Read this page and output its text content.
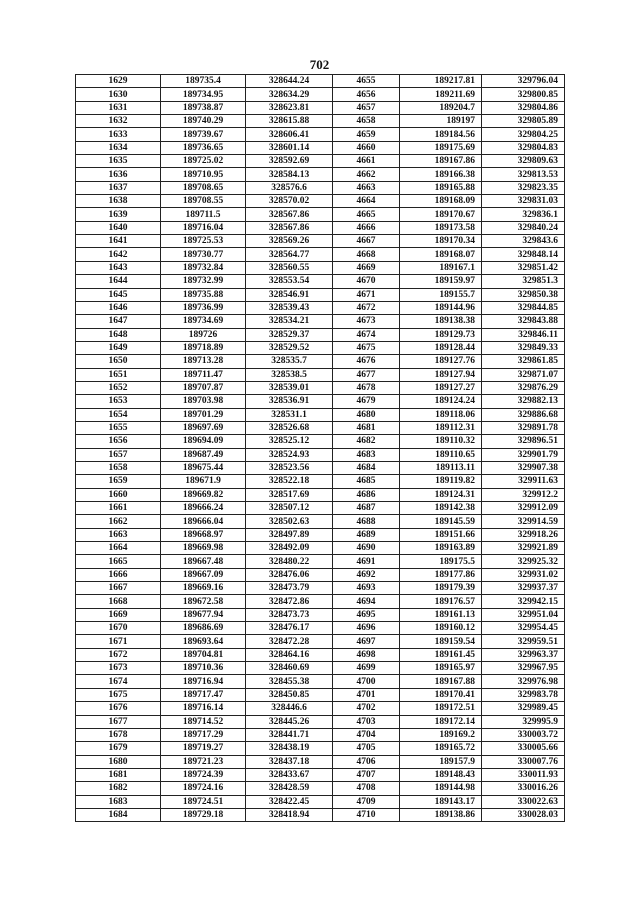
702
1629	189735.4	328644.24	4655	189217.81	329796.04
1630	189734.95	328634.29	4656	189211.69	329800.85
1631	189738.87	328623.81	4657	189204.7	329804.86
1632	189740.29	328615.88	4658	189197	329805.89
1633	189739.67	328606.41	4659	189184.56	329804.25
1634	189736.65	328601.14	4660	189175.69	329804.83
1635	189725.02	328592.69	4661	189167.86	329809.63
1636	189710.95	328584.13	4662	189166.38	329813.53
1637	189708.65	328576.6	4663	189165.88	329823.35
1638	189708.55	328570.02	4664	189168.09	329831.03
1639	189711.5	328567.86	4665	189170.67	329836.1
1640	189716.04	328567.86	4666	189173.58	329840.24
1641	189725.53	328569.26	4667	189170.34	329843.6
1642	189730.77	328564.77	4668	189168.07	329848.14
1643	189732.84	328560.55	4669	189167.1	329851.42
1644	189732.99	328553.54	4670	189159.97	329851.3
1645	189735.88	328546.91	4671	189155.7	329850.38
1646	189736.99	328539.43	4672	189144.96	329844.85
1647	189734.69	328534.21	4673	189138.38	329843.88
1648	189726	328529.37	4674	189129.73	329846.11
1649	189718.89	328529.52	4675	189128.44	329849.33
1650	189713.28	328535.7	4676	189127.76	329861.85
1651	189711.47	328538.5	4677	189127.94	329871.07
1652	189707.87	328539.01	4678	189127.27	329876.29
1653	189703.98	328536.91	4679	189124.24	329882.13
1654	189701.29	328531.1	4680	189118.06	329886.68
1655	189697.69	328526.68	4681	189112.31	329891.78
1656	189694.09	328525.12	4682	189110.32	329896.51
1657	189687.49	328524.93	4683	189110.65	329901.79
1658	189675.44	328523.56	4684	189113.11	329907.38
1659	189671.9	328522.18	4685	189119.82	329911.63
1660	189669.82	328517.69	4686	189124.31	329912.2
1661	189666.24	328507.12	4687	189142.38	329912.09
1662	189666.04	328502.63	4688	189145.59	329914.59
1663	189668.97	328497.89	4689	189151.66	329918.26
1664	189669.98	328492.09	4690	189163.89	329921.89
1665	189667.48	328480.22	4691	189175.5	329925.32
1666	189667.09	328476.06	4692	189177.86	329931.02
1667	189669.16	328473.79	4693	189179.39	329937.37
1668	189672.58	328472.86	4694	189176.57	329942.15
1669	189677.94	328473.73	4695	189161.13	329951.04
1670	189686.69	328476.17	4696	189160.12	329954.45
1671	189693.64	328472.28	4697	189159.54	329959.51
1672	189704.81	328464.16	4698	189161.45	329963.37
1673	189710.36	328460.69	4699	189165.97	329967.95
1674	189716.94	328455.38	4700	189167.88	329976.98
1675	189717.47	328450.85	4701	189170.41	329983.78
1676	189716.14	328446.6	4702	189172.51	329989.45
1677	189714.52	328445.26	4703	189172.14	329995.9
1678	189717.29	328441.71	4704	189169.2	330003.72
1679	189719.27	328438.19	4705	189165.72	330005.66
1680	189721.23	328437.18	4706	189157.9	330007.76
1681	189724.39	328433.67	4707	189148.43	330011.93
1682	189724.16	328428.59	4708	189144.98	330016.26
1683	189724.51	328422.45	4709	189143.17	330022.63
1684	189729.18	328418.94	4710	189138.86	330028.03
